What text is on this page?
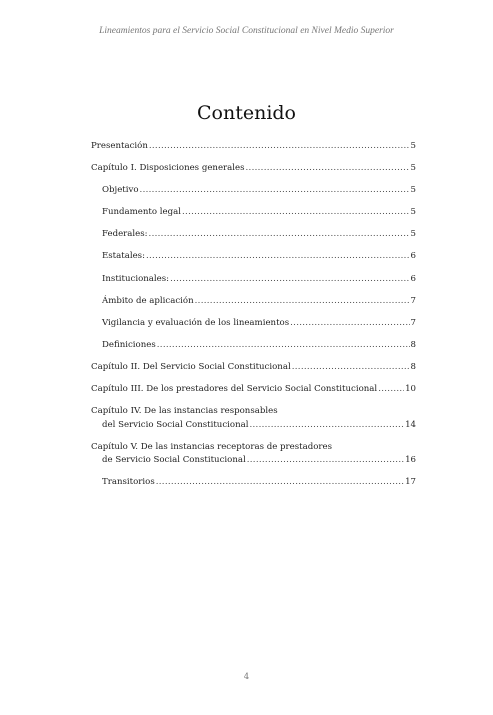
Lineamientos para el Servicio Social Constitucional en Nivel Medio Superior
Contenido
Presentación .....	5
Capítulo I. Disposiciones generales .....	5
Objetivo .....	5
Fundamento legal .....	5
Federales: .....	5
Estatales: .....	6
Institucionales: .....	6
Ámbito de aplicación .....	7
Vigilancia y evaluación de los lineamientos .....	7
Definiciones .....	8
Capítulo II. Del Servicio Social Constitucional .....	8
Capítulo III. De los prestadores del Servicio Social Constitucional .....	10
Capítulo IV. De las instancias responsables
del Servicio Social Constitucional .....	14
Capítulo V. De las instancias receptoras de prestadores
de Servicio Social Constitucional .....	16
Transitorios .....	17
4
